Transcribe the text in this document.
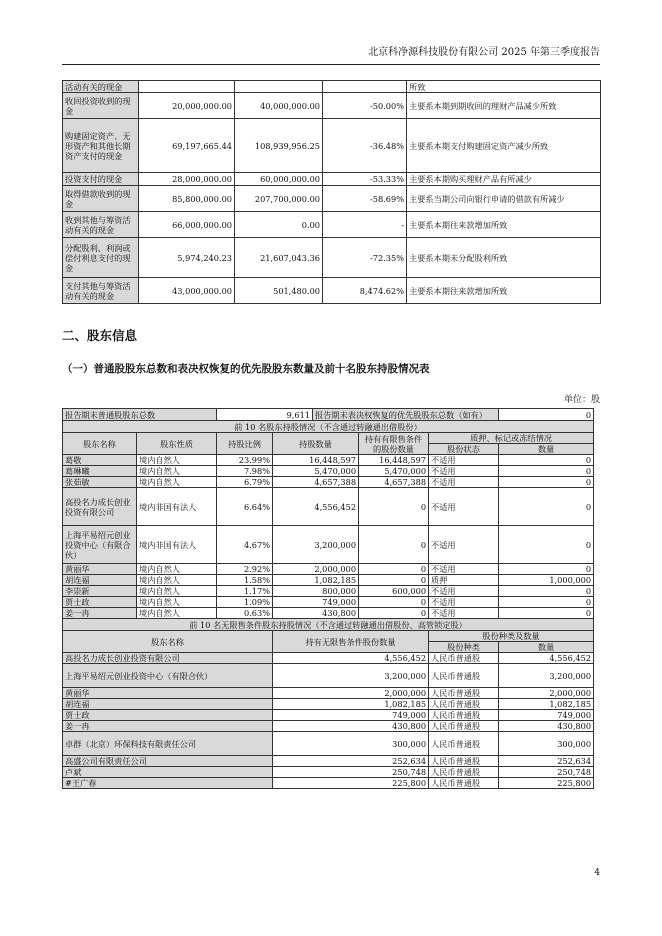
北京科净源科技股份有限公司 2025 年第三季度报告
活动有关的现金				所致
收回投资收到的现金	20,000,000.00	40,000,000.00	-50.00%	主要系本期到期收回的理财产品减少所致
购建固定资产、无形资产和其他长期资产支付的现金	69,197,665.44	108,939,956.25	-36.48%	主要系本期支付购建固定资产减少所致
投资支付的现金	28,000,000.00	60,000,000.00	-53.33%	主要系本期购买理财产品有所减少
取得借款收到的现金	85,800,000.00	207,700,000.00	-58.69%	主要系当期公司向银行申请的借款有所减少
收到其他与筹资活动有关的现金	66,000,000.00	0.00	-	主要系本期往来款增加所致
分配股利、利润或偿付利息支付的现金	5,974,240.23	21,607,043.36	-72.35%	主要系本期未分配股利所致
支付其他与筹资活动有关的现金	43,000,000.00	501,480.00	8,474.62%	主要系本期往来款增加所致
二、股东信息
（一）普通股股东总数和表决权恢复的优先股股东数量及前十名股东持股情况表
单位：股
报告期末普通股股东总数		9,611		报告期末表决权恢复的优先股股东总数（如有）			0
前 10 名股东持股情况（不含通过转融通出借股份）							
股东名称	股东性质	持股比例	持股数量		持有有限售条件的股份数量	质押、标记或冻结情况	
						股份状态	数量
葛敬	境内自然人	23.99%	16,448,597		16,448,597	不适用	0
葛琳曦	境内自然人	7.98%	5,470,000		5,470,000	不适用	0
张茹敏	境内自然人	6.79%	4,657,388		4,657,388	不适用	0
高投名力成长创业投资有限公司	境内非国有法人	6.64%	4,556,452		0	不适用	0
上海平易绍元创业投资中心（有限合伙）	境内非国有法人	4.67%	3,200,000		0	不适用	0
黄丽华	境内自然人	2.92%	2,000,000		0	不适用	0
胡连福	境内自然人	1.58%	1,082,185		0	质押	1,000,000
李崇新	境内自然人	1.17%	800,000		600,000	不适用	0
贾士政	境内自然人	1.09%	749,000		0	不适用	0
姜一冉	境内自然人	0.63%	430,800		0	不适用	0
前 10 名无限售条件股东持股情况（不含通过转融通出借股份、高管锁定股）							
股东名称			持有无限售条件股份数量			股份种类及数量	
						股份种类	数量
高投名力成长创业投资有限公司			4,556,452			人民币普通股	4,556,452
上海平易绍元创业投资中心（有限合伙）			3,200,000			人民币普通股	3,200,000
黄丽华			2,000,000			人民币普通股	2,000,000
胡连福			1,082,185			人民币普通股	1,082,185
贾士政			749,000			人民币普通股	749,000
姜一冉			430,800			人民币普通股	430,800
卓群（北京）环保科技有限责任公司			300,000			人民币普通股	300,000
高盛公司有限责任公司			252,634			人民币普通股	252,634
卢斌			250,748			人民币普通股	250,748
#王广春			225,800			人民币普通股	225,800
4
